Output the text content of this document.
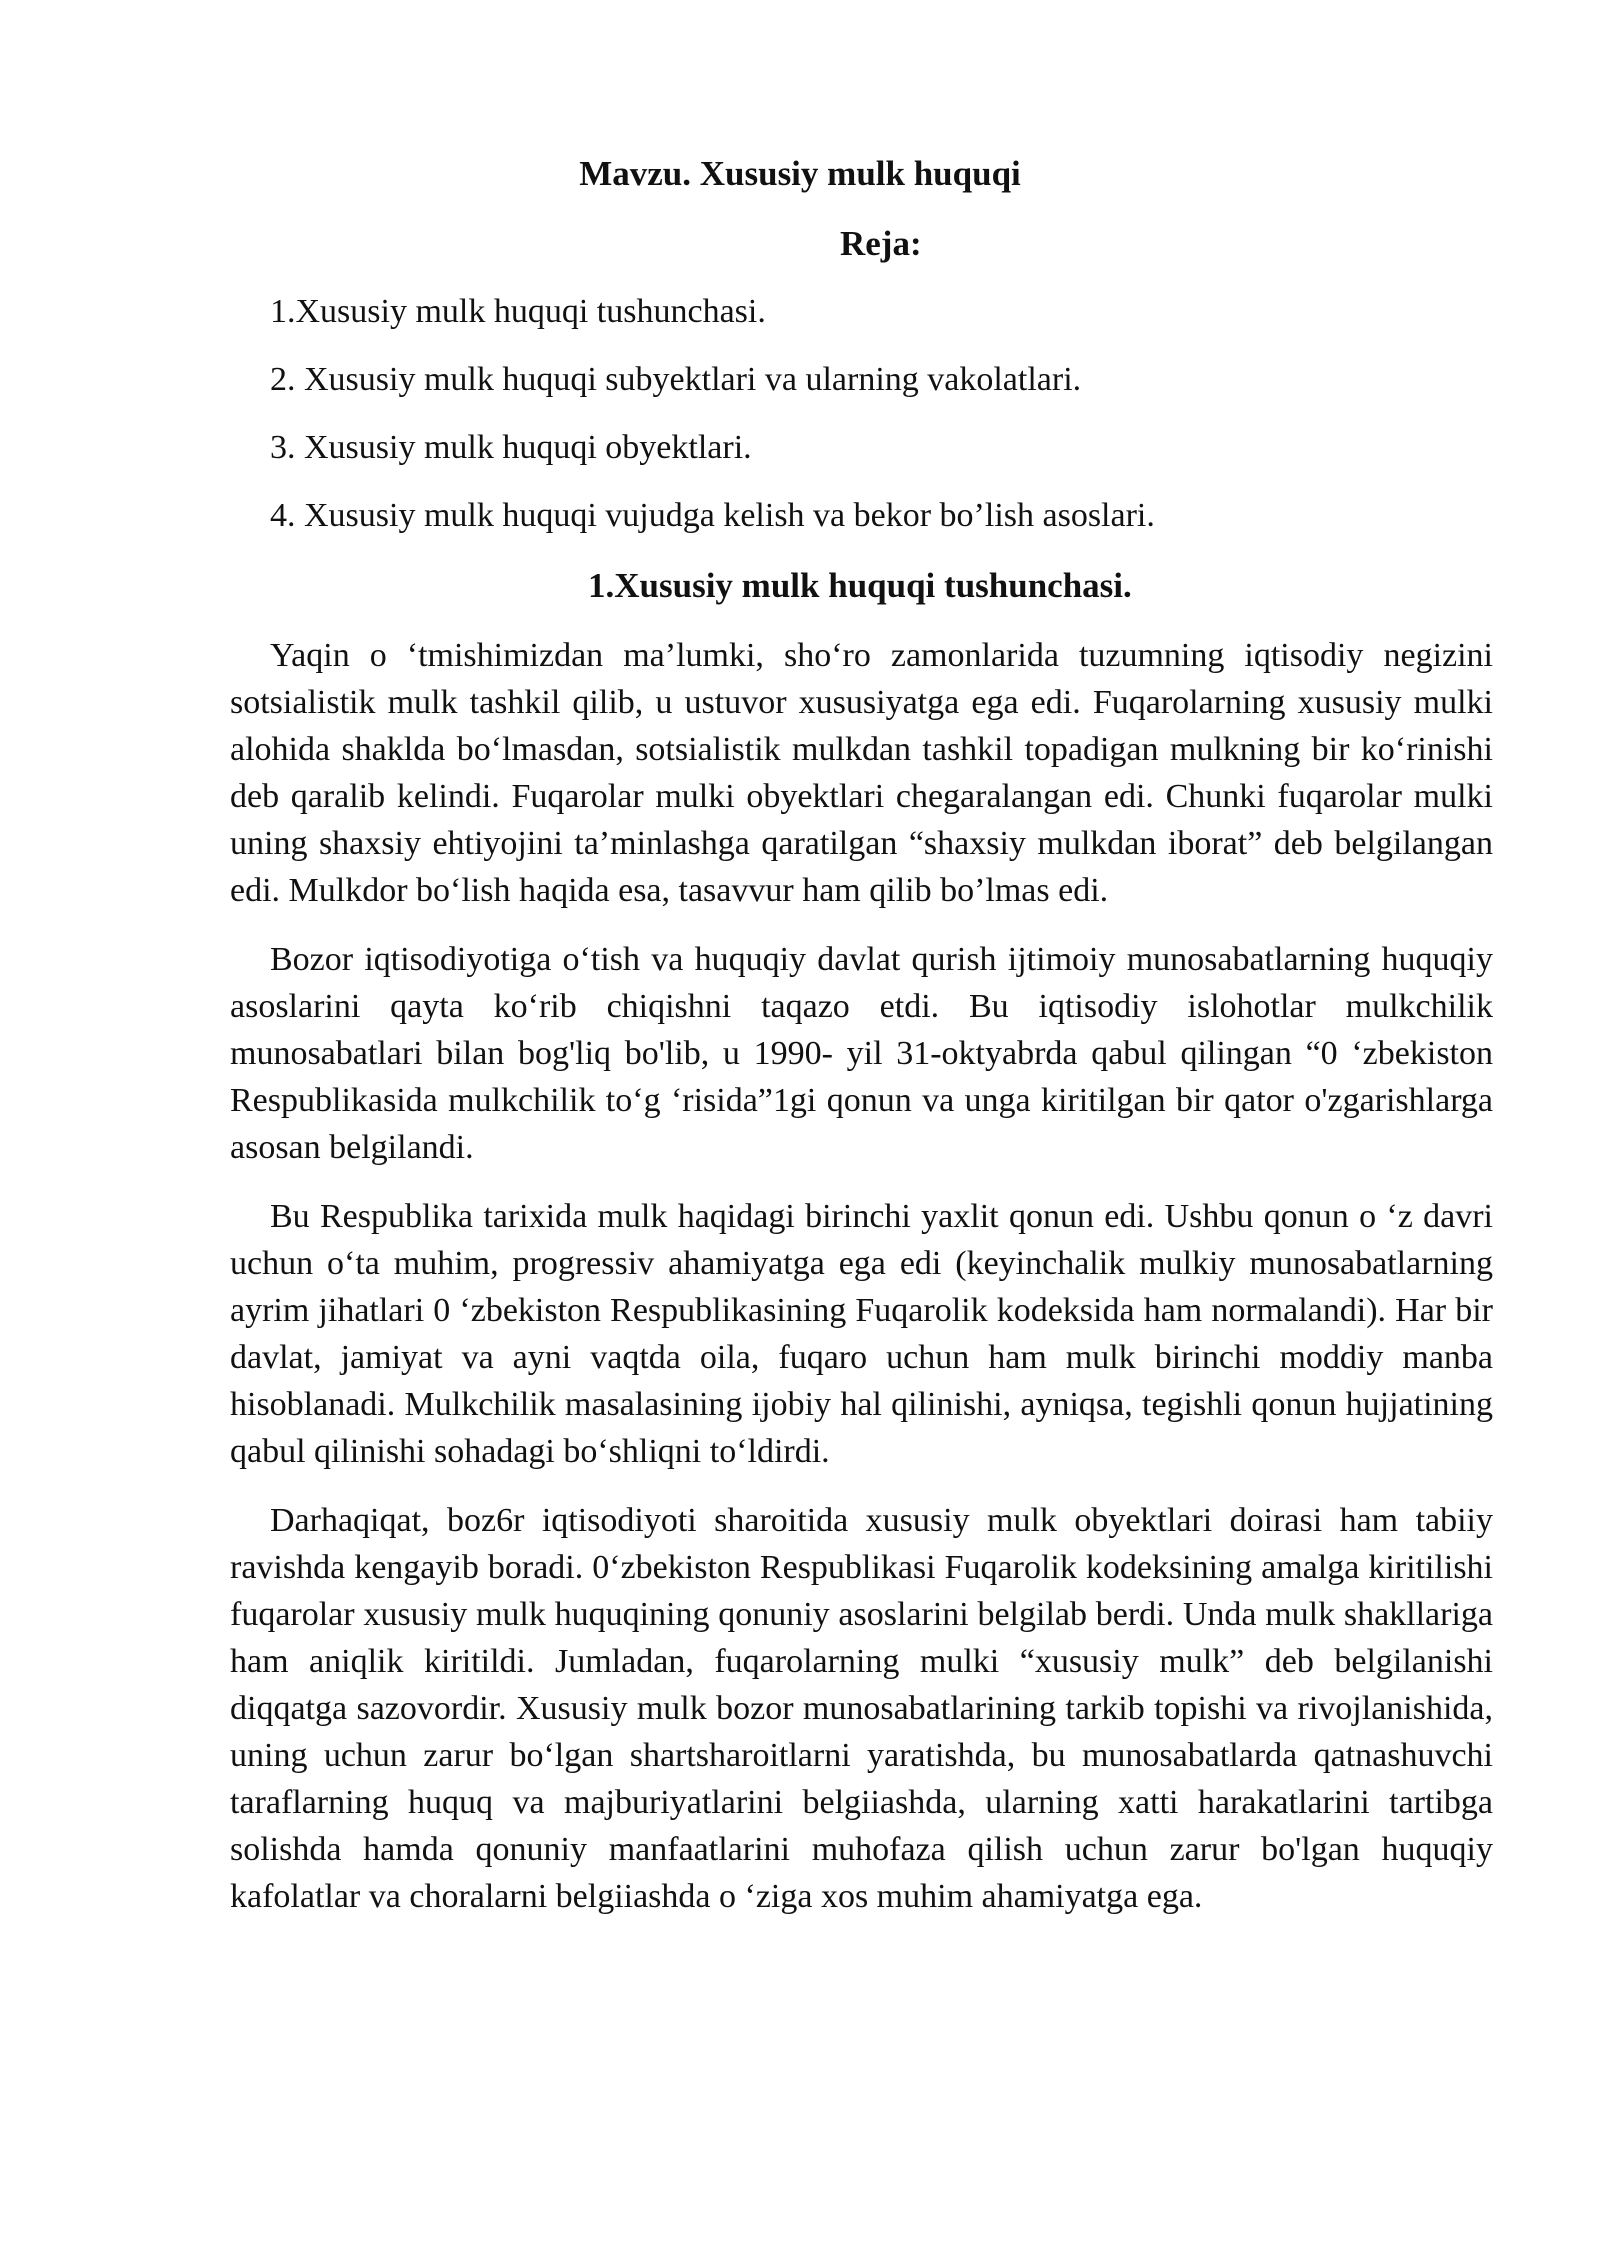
Mavzu. Xususiy mulk huquqi
Reja:
1.Xususiy mulk huquqi tushunchasi.
2. Xususiy mulk huquqi subyektlari va ularning vakolatlari.
3. Xususiy mulk huquqi obyektlari.
4. Xususiy mulk huquqi vujudga kelish va bekor bo’lish asoslari.
1.Xususiy mulk huquqi tushunchasi.

Yaqin o ‘tmishimizdan ma’lumki, sho‘ro zamonlarida tuzumning iqtisodiy negizini sotsialistik mulk tashkil qilib, u ustuvor xususiyatga ega edi. Fuqarolarning xususiy mulki alohida shaklda bo‘lmasdan, sotsialistik mulkdan tashkil topadigan mulkning bir ko‘rinishi deb qaralib kelindi. Fuqarolar mulki obyektlari chegaralangan edi. Chunki fuqarolar mulki uning shaxsiy ehtiyojini ta’minlashga qaratilgan “shaxsiy mulkdan iborat” deb belgilangan edi. Mulkdor bo‘lish haqida esa, tasavvur ham qilib bo’lmas edi.

Bozor iqtisodiyotiga o‘tish va huquqiy davlat qurish ijtimoiy munosabatlarning huquqiy asoslarini qayta ko‘rib chiqishni taqazo etdi. Bu iqtisodiy islohotlar mulkchilik munosabatlari bilan bog'liq bo'lib, u 1990- yil 31-oktyabrda qabul qilingan “0 ‘zbekiston Respublikasida mulkchilik to‘g ‘risida”1gi qonun va unga kiritilgan bir qator o'zgarishlarga asosan belgilandi.

Bu Respublika tarixida mulk haqidagi birinchi yaxlit qonun edi. Ushbu qonun o ‘z davri uchun o‘ta muhim, progressiv ahamiyatga ega edi (keyinchalik mulkiy munosabatlarning ayrim jihatlari 0 ‘zbekiston Respublikasining Fuqarolik kodeksida ham normalandi). Har bir davlat, jamiyat va ayni vaqtda oila, fuqaro uchun ham mulk birinchi moddiy manba hisoblanadi. Mulkchilik masalasining ijobiy hal qilinishi, ayniqsa, tegishli qonun hujjatining qabul qilinishi sohadagi bo‘shliqni to‘ldirdi.

Darhaqiqat, boz6r iqtisodiyoti sharoitida xususiy mulk obyektlari doirasi ham tabiiy ravishda kengayib boradi. 0‘zbekiston Respublikasi Fuqarolik kodeksining amalga kiritilishi fuqarolar xususiy mulk huquqining qonuniy asoslarini belgilab berdi. Unda mulk shakllariga ham aniqlik kiritildi. Jumladan, fuqarolarning mulki “xususiy mulk” deb belgilanishi diqqatga sazovordir. Xususiy mulk bozor munosabatlarining tarkib topishi va rivojlanishida, uning uchun zarur bo‘lgan shartsharoitlarni yaratishda, bu munosabatlarda qatnashuvchi taraflarning huquq va majburiyatlarini belgiiashda, ularning xatti harakatlarini tartibga solishda hamda qonuniy manfaatlarini muhofaza qilish uchun zarur bo'lgan huquqiy kafolatlar va choralarni belgiiashda o ‘ziga xos muhim ahamiyatga ega.
